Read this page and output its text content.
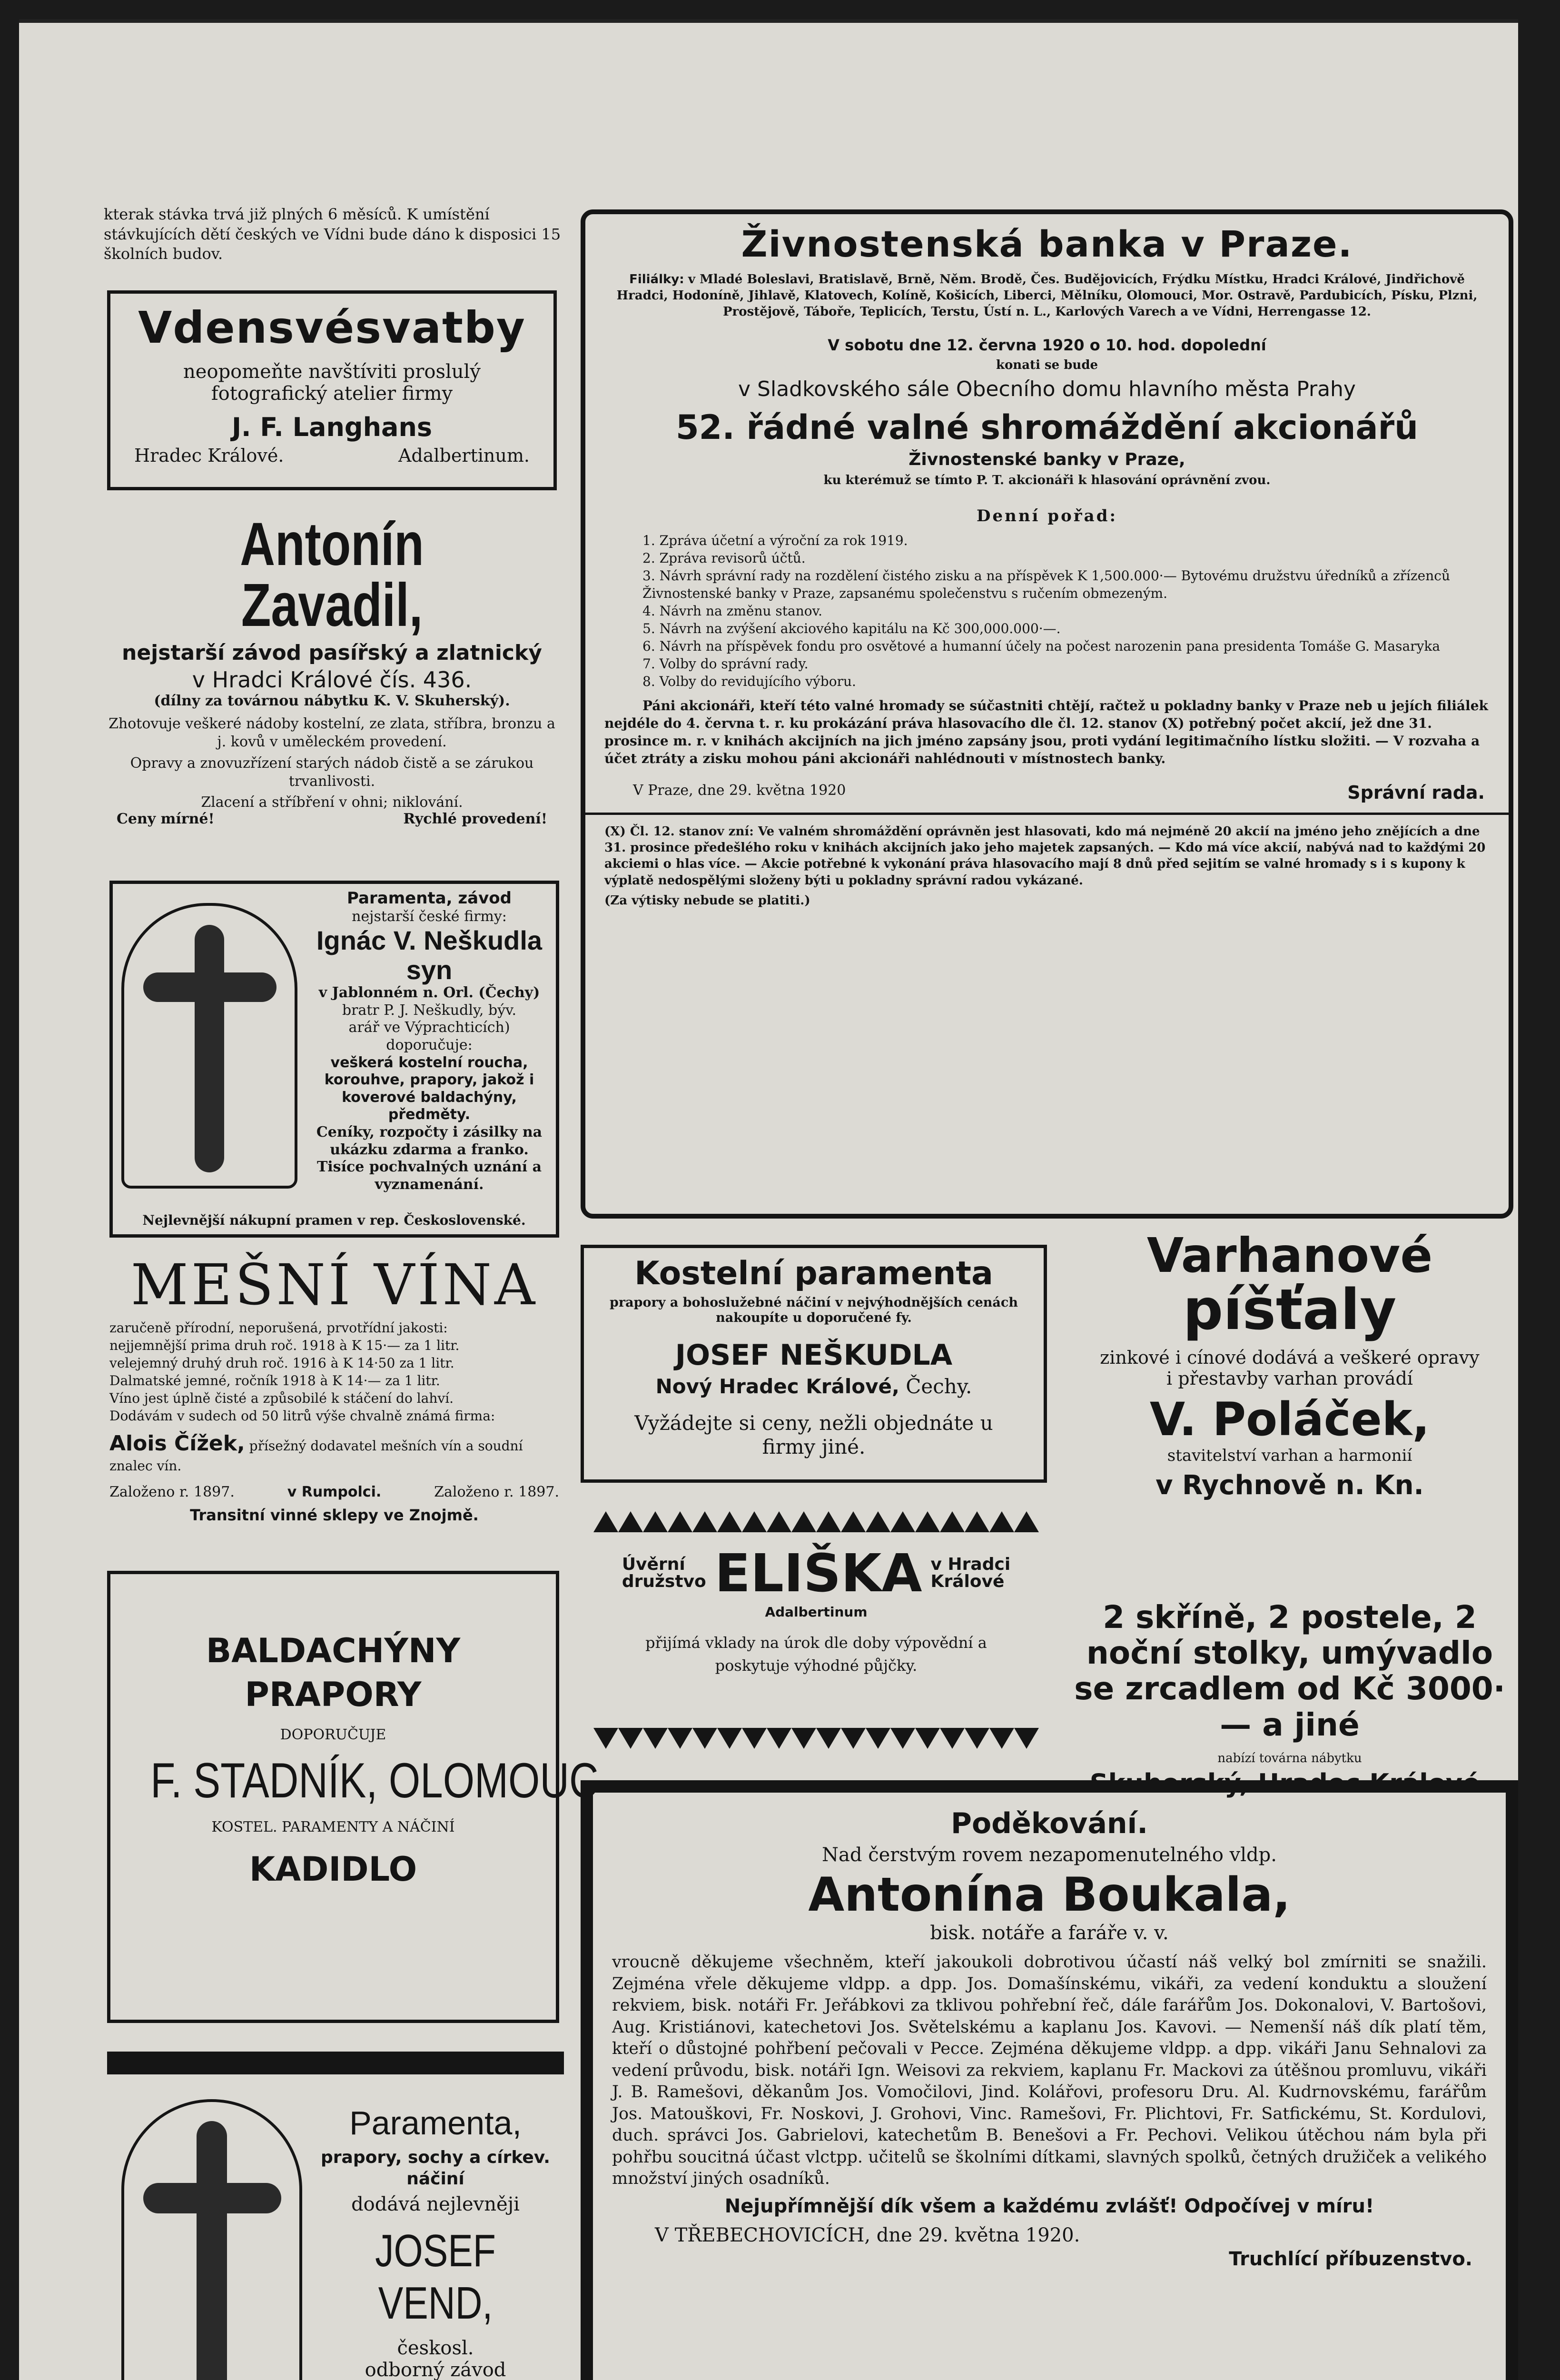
kterak stávka trvá již plných 6 měsíců. K umístění stávkujících dětí českých ve Vídni bude dáno k disposici 15 školních budov.
Vdensvésvatby
neopomeňte navštíviti proslulý fotografický atelier firmy
J. F. Langhans
Hradec Králové.	Adalbertinum.
Antonín Zavadil,
nejstarší závod pasířský a zlatnický
v Hradci Králové čís. 436.
(dílny za továrnou nábytku K. V. Skuherský).
Zhotovuje veškeré nádoby kostelní, ze zlata, stříbra, bronzu a j. kovů v uměleckém provedení.
Opravy a znovuzřízení starých nádob čistě a se zárukou trvanlivosti.
Zlacení a stříbření v ohni; niklování.
Ceny mírné!	Rychlé provedení!
Paramenta, závod
nejstarší české firmy:
Ignác V. Neškudla syn
v Jablonném n. Orl. (Čechy)
bratr P. J. Neškudly, býv.
arář ve Výprachticích)
doporučuje:
veškerá kostelní roucha, korouhve, prapory, jakož i koverové baldachýny, předměty.
Ceníky, rozpočty i zásilky na ukázku zdarma a franko.
Tisíce pochvalných uznání a vyznamenání.
Nejlevnější nákupní pramen v rep. Československé.
MEŠNÍ VÍNA
zaručeně přírodní, neporušená, prvotřídní jakosti:
nejjemnější prima druh roč. 1918 à K 15·— za 1 litr.
velejemný druhý druh roč. 1916 à K 14·50 za 1 litr.
Dalmatské jemné, ročník 1918 à K 14·— za 1 litr.
Víno jest úplně čisté a způsobilé k stáčení do lahví.
Dodávám v sudech od 50 litrů výše chvalně známá firma:
Alois Čížek, přísežný dodavatel mešních vín a soudní znalec vín.
Založeno r. 1897.	v Rumpolci.	Založeno r. 1897.
Transitní vinné sklepy ve Znojmě.
BALDACHÝNY
PRAPORY
DOPORUČUJE
F. STADNÍK, OLOMOUC
KOSTEL. PARAMENTY A NÁČINÍ
KADIDLO
Paramenta,
prapory, sochy a církev. náčiní
dodává nejlevněji
JOSEF VEND,
českosl.
odborný závod
Živnostenská banka v Praze.
Filiálky: v Mladé Boleslavi, Bratislavě, Brně, Něm. Brodě, Čes. Budějovicích, Frýdku Místku, Hradci Králové, Jindřichově Hradci, Hodoníně, Jihlavě, Klatovech, Kolíně, Košicích, Liberci, Mělníku, Olomouci, Mor. Ostravě, Pardubicích, Písku, Plzni, Prostějově, Táboře, Teplicích, Terstu, Ústí n. L., Karlových Varech a ve Vídni, Herrengasse 12.
V sobotu dne 12. června 1920 o 10. hod. dopolední
konati se bude
v Sladkovského sále Obecního domu hlavního města Prahy
52. řádné valné shromáždění akcionářů
Živnostenské banky v Praze,
ku kterémuž se tímto P. T. akcionáři k hlasování oprávnění zvou.
Denní pořad:
1. Zpráva účetní a výroční za rok 1919.
2. Zpráva revisorů účtů.
3. Návrh správní rady na rozdělení čistého zisku a na příspěvek K 1,500.000·— Bytovému družstvu úředníků a zřízenců Živnostenské banky v Praze, zapsanému společenstvu s ručením obmezeným.
4. Návrh na změnu stanov.
5. Návrh na zvýšení akciového kapitálu na Kč 300,000.000·—.
6. Návrh na příspěvek fondu pro osvětové a humanní účely na počest narozenin pana presidenta Tomáše G. Masaryka
7. Volby do správní rady.
8. Volby do revidujícího výboru.
Páni akcionáři, kteří této valné hromady se súčastniti chtějí, račtež u pokladny banky v Praze neb u jejích filiálek nejdéle do 4. června t. r. ku prokázání práva hlasovacího dle čl. 12. stanov (X) potřebný počet akcií, jež dne 31. prosince m. r. v knihách akcijních na jich jméno zapsány jsou, proti vydání legitimačního lístku složiti. — V rozvaha a účet ztráty a zisku mohou páni akcionáři nahlédnouti v místnostech banky.
V Praze, dne 29. května 1920	Správní rada.
(X) Čl. 12. stanov zní: Ve valném shromáždění oprávněn jest hlasovati, kdo má nejméně 20 akcií na jméno jeho znějících a dne 31. prosince předešlého roku v knihách akcijních jako jeho majetek zapsaných. — Kdo má více akcií, nabývá nad to každými 20 akciemi o hlas více. — Akcie potřebné k vykonání práva hlasovacího mají 8 dnů před sejitím se valné hromady s i s kupony k výplatě nedospělými složeny býti u pokladny správní radou vykázané.
(Za výtisky nebude se platiti.)
Kostelní paramenta
prapory a bohoslužebné náčiní v nejvýhodnějších cenách nakoupíte u doporučené fy.
JOSEF NEŠKUDLA
Nový Hradec Králové, Čechy.
Vyžádejte si ceny, nežli objednáte u firmy jiné.
Úvěrní
družstvo ELIŠKA v Hradci
Králové
Adalbertinum
přijímá vklady na úrok dle doby výpovědní a poskytuje výhodné půjčky.
Varhanové
píšťaly
zinkové i cínové dodává a veškeré opravy
i přestavby varhan provádí
V. Poláček,
stavitelství varhan a harmonií
v Rychnově n. Kn.
2 skříně, 2 postele, 2 noční stolky, umývadlo se zrcadlem od Kč 3000·— a jiné
nabízí továrna nábytku
Skuherský, Hradec Králové.
Poděkování.
Nad čerstvým rovem nezapomenutelného vldp.
Antonína Boukala,
bisk. notáře a faráře v. v.
vroucně děkujeme všechněm, kteří jakoukoli dobrotivou účastí náš velký bol zmírniti se snažili. Zejména vřele děkujeme vldpp. a dpp. Jos. Domašínskému, vikáři, za vedení konduktu a sloužení rekviem, bisk. notáři Fr. Jeřábkovi za tklivou pohřební řeč, dále farářům Jos. Dokonalovi, V. Bartošovi, Aug. Kristiánovi, katechetovi Jos. Světelskému a kaplanu Jos. Kavovi. — Nemenší náš dík platí těm, kteří o důstojné pohřbení pečovali v Pecce. Zejména děkujeme vldpp. a dpp. vikáři Janu Sehnalovi za vedení průvodu, bisk. notáři Ign. Weisovi za rekviem, kaplanu Fr. Mackovi za útěšnou promluvu, vikáři J. B. Ramešovi, děkanům Jos. Vomočilovi, Jind. Kolářovi, profesoru Dru. Al. Kudrnovskému, farářům Jos. Matouškovi, Fr. Noskovi, J. Grohovi, Vinc. Ramešovi, Fr. Plichtovi, Fr. Satfickému, St. Kordulovi, duch. správci Jos. Gabrielovi, katechetům B. Benešovi a Fr. Pechovi. Velikou útěchou nám byla při pohřbu soucitná účast vlctpp. učitelů se školními dítkami, slavných spolků, četných družiček a velikého množství jiných osadníků.
Nejupřímnější dík všem a každému zvlášť! Odpočívej v míru!
V TŘEBECHOVICÍCH, dne 29. května 1920.
Truchlící příbuzenstvo.
